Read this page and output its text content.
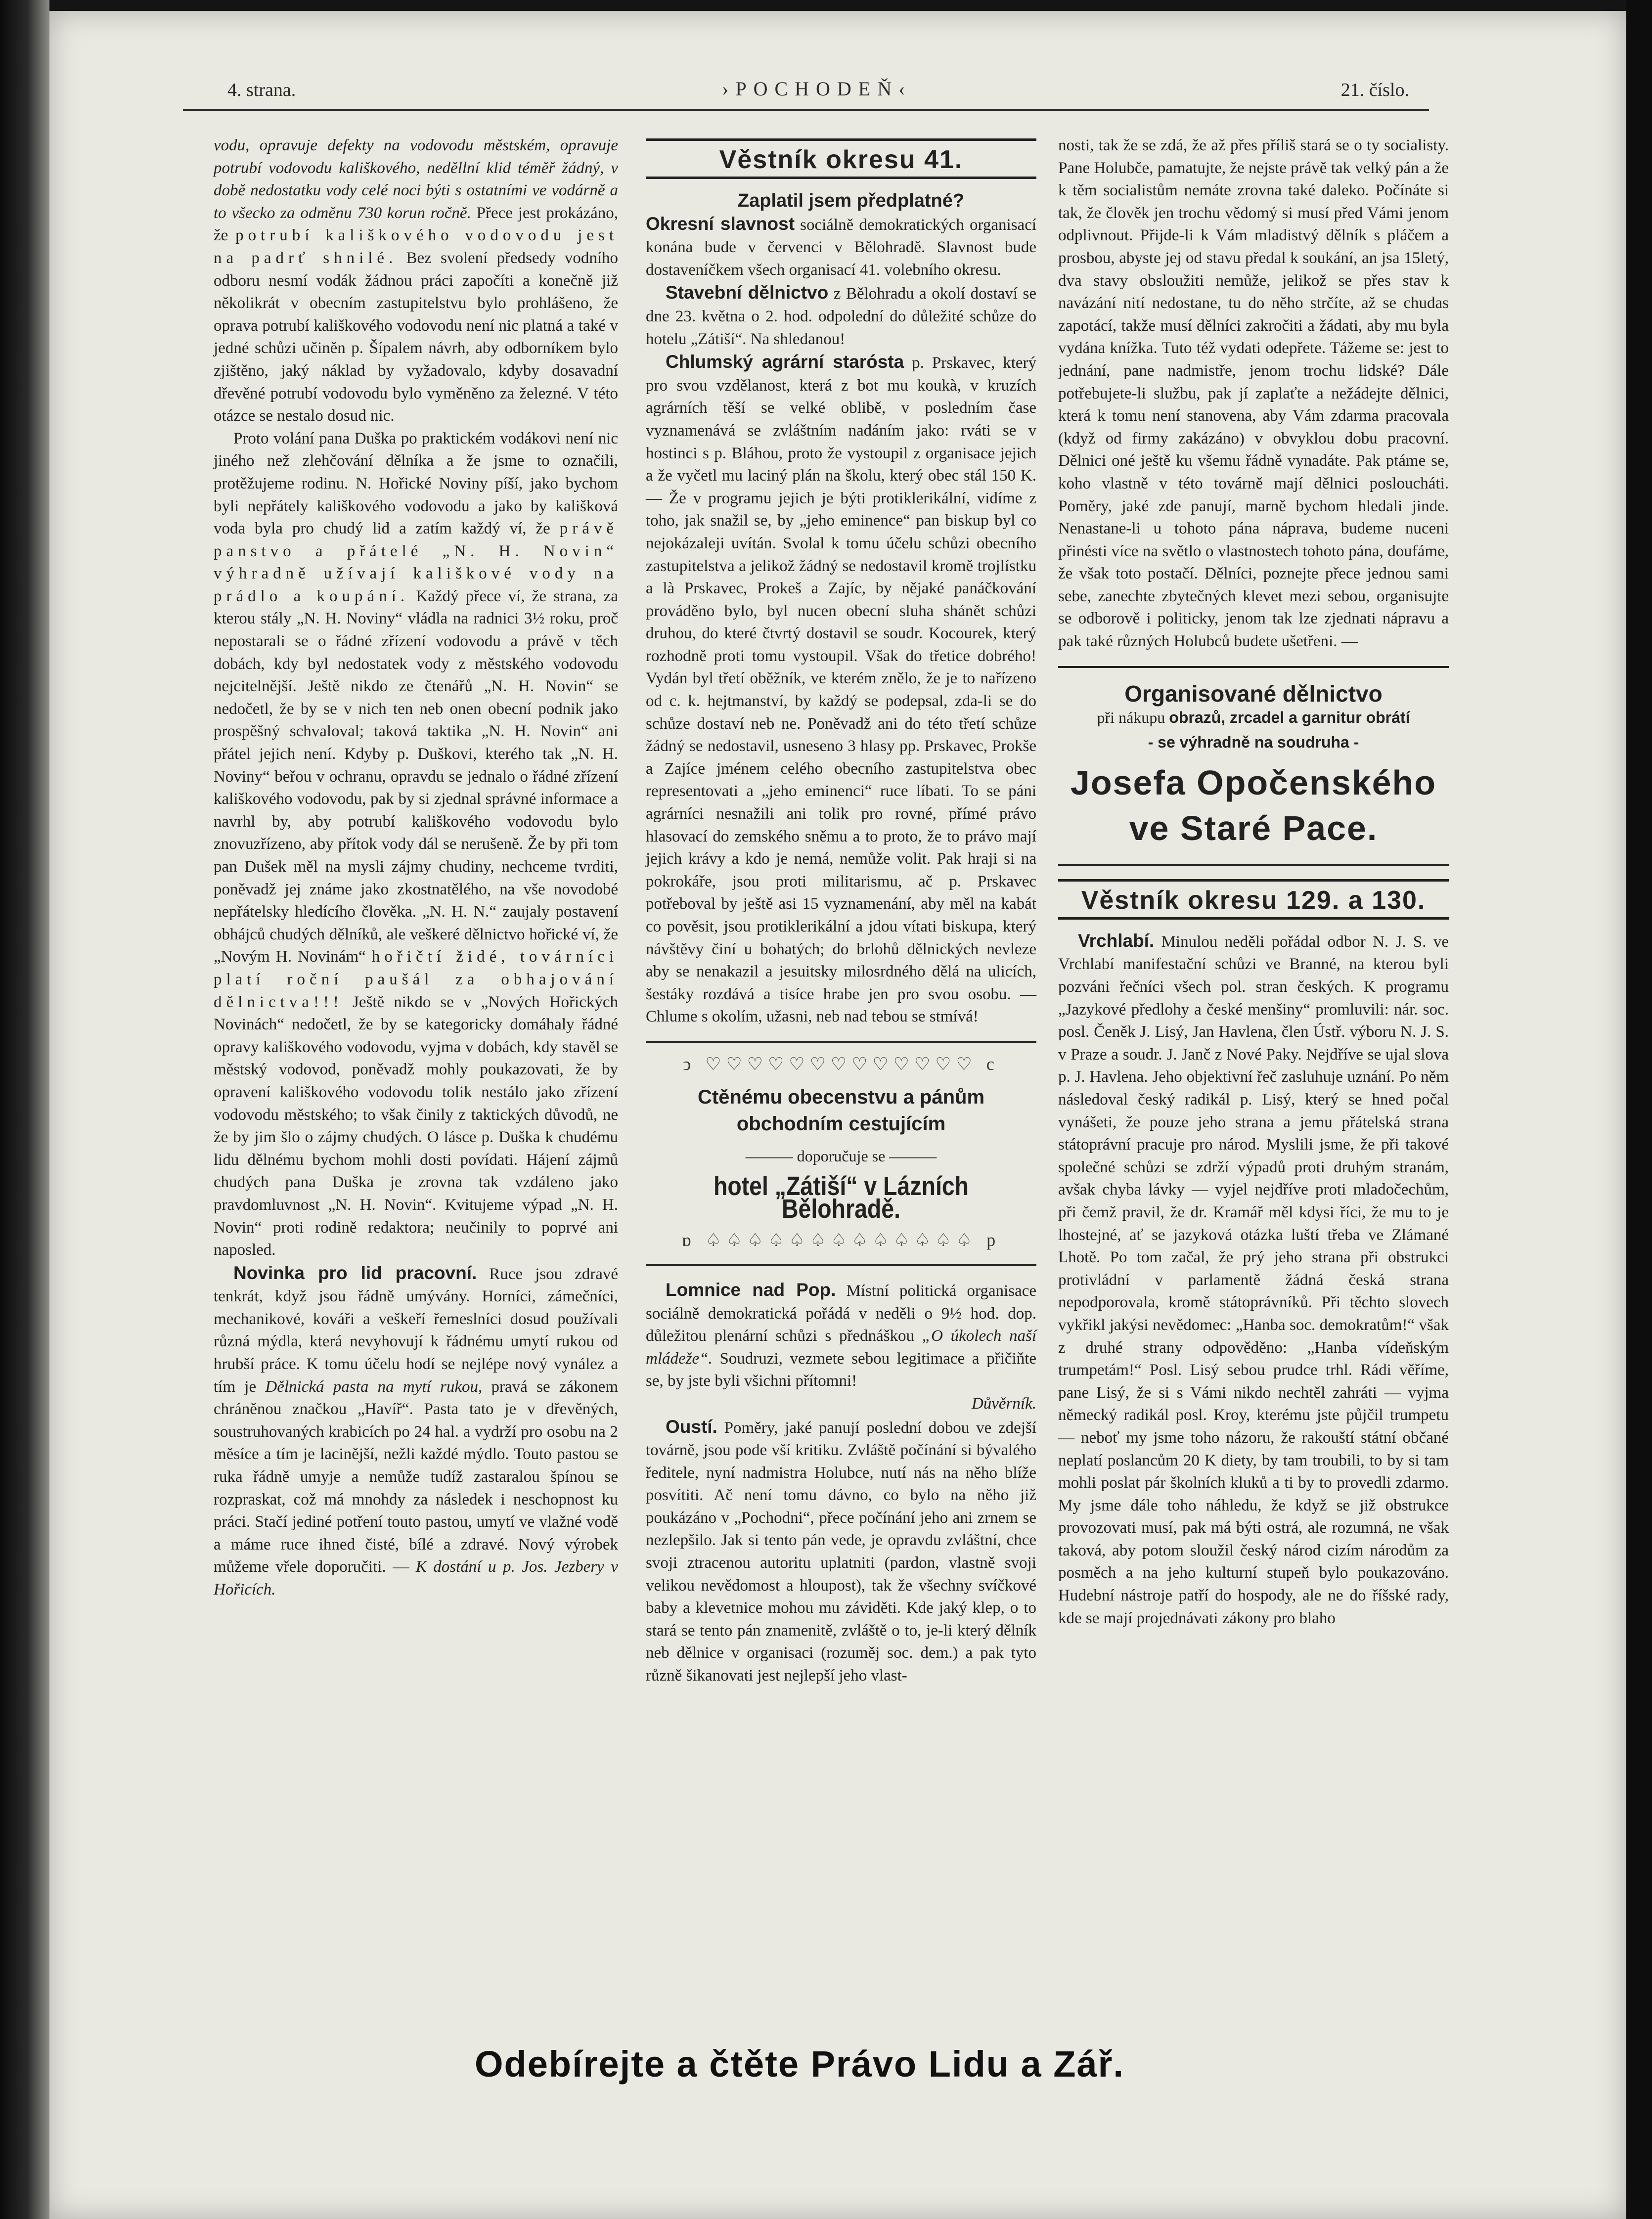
4. strana.	›POCHODEŇ‹	21. číslo.

vodu, opravuje defekty na vodovodu městském, opravuje potrubí vodovodu kališkového, neděllní klid téměř žádný, v době nedostatku vody celé noci býti s ostatními ve vodárně a to všecko za odměnu 730 korun ročně. Přece jest prokázáno, že potrubí kališkového vodovodu jest na padrť shnilé. Bez svolení předsedy vodního odboru nesmí vodák žádnou práci započíti a konečně již několikrát v obecním zastupitelstvu bylo prohlášeno, že oprava potrubí kališkového vodovodu není nic platná a také v jedné schůzi učiněn p. Šípalem návrh, aby odborníkem bylo zjištěno, jaký náklad by vyžadovalo, kdyby dosavadní dřevěné potrubí vodovodu bylo vyměněno za železné. V této otázce se nestalo dosud nic.

Proto volání pana Duška po praktickém vodákovi není nic jiného než zlehčování dělníka a že jsme to označili, protěžujeme rodinu. N. Hořické Noviny píší, jako bychom byli nepřátely kališkového vodovodu a jako by kališková voda byla pro chudý lid a zatím každý ví, že právě panstvo a přátelé „N. H. Novin“ výhradně užívají kališkové vody na prádlo a koupání. Každý přece ví, že strana, za kterou stály „N. H. Noviny“ vládla na radnici 3½ roku, proč nepostarali se o řádné zřízení vodovodu a právě v těch dobách, kdy byl nedostatek vody z městského vodovodu nejcitelnější. Ještě nikdo ze čtenářů „N. H. Novin“ se nedočetl, že by se v nich ten neb onen obecní podnik jako prospěšný schvaloval; taková taktika „N. H. Novin“ ani přátel jejich není. Kdyby p. Duškovi, kterého tak „N. H. Noviny“ beřou v ochranu, opravdu se jednalo o řádné zřízení kališkového vodovodu, pak by si zjednal správné informace a navrhl by, aby potrubí kališkového vodovodu bylo znovuzřízeno, aby přítok vody dál se nerušeně. Že by při tom pan Dušek měl na mysli zájmy chudiny, nechceme tvrditi, poněvadž jej známe jako zkostnatělého, na vše novodobé nepřátelsky hledícího člověka. „N. H. N.“ zaujaly postavení obhájců chudých dělníků, ale veškeré dělnictvo hořické ví, že „Novým H. Novinám“ hořičtí židé, továrníci platí roční paušál za obhajování dělnictva!!! Ještě nikdo se v „Nových Hořických Novinách“ nedočetl, že by se kategoricky domáhaly řádné opravy kališkového vodovodu, vyjma v dobách, kdy stavěl se městský vodovod, poněvadž mohly poukazovati, že by opravení kališkového vodovodu tolik nestálo jako zřízení vodovodu městského; to však činily z taktických důvodů, ne že by jim šlo o zájmy chudých. O lásce p. Duška k chudému lidu dělnému bychom mohli dosti povídati. Hájení zájmů chudých pana Duška je zrovna tak vzdáleno jako pravdomluvnost „N. H. Novin“. Kvitujeme výpad „N. H. Novin“ proti rodině redaktora; neučinily to poprvé ani naposled.

Novinka pro lid pracovní. Ruce jsou zdravé tenkrát, když jsou řádně umývány. Horníci, zámečníci, mechanikové, kováři a veškeří řemeslníci dosud používali různá mýdla, která nevyhovují k řádnému umytí rukou od hrubší práce. K tomu účelu hodí se nejlépe nový vynález a tím je Dělnická pasta na mytí rukou, pravá se zákonem chráněnou značkou „Havíř“. Pasta tato je v dřevěných, soustruhovaných krabicích po 24 hal. a vydrží pro osobu na 2 měsíce a tím je lacinější, nežli každé mýdlo. Touto pastou se ruka řádně umyje a nemůže tudíž zastaralou špínou se rozpraskat, což má mnohdy za následek i neschopnost ku práci. Stačí jediné potření touto pastou, umytí ve vlažné vodě a máme ruce ihned čisté, bílé a zdravé. Nový výrobek můžeme vřele doporučiti. — K dostání u p. Jos. Jezbery v Hořicích.

Věstník okresu 41.

Zaplatil jsem předplatné?

Okresní slavnost sociálně demokratických organisací konána bude v červenci v Bělohradě. Slavnost bude dostaveníčkem všech organisací 41. volebního okresu.

Stavební dělnictvo z Bělohradu a okolí dostaví se dne 23. května o 2. hod. odpolední do důležité schůze do hotelu „Zátiší“. Na shledanou!

Chlumský agrární starósta p. Prskavec, který pro svou vzdělanost, která z bot mu koukà, v kruzích agrárních těší se velké oblibě, v posledním čase vyznamenává se zvláštním nadáním jako: rváti se v hostinci s p. Bláhou, proto že vystoupil z organisace jejich a že vyčetl mu laciný plán na školu, který obec stál 150 K. — Že v programu jejich je býti protiklerikální, vidíme z toho, jak snažil se, by „jeho eminence“ pan biskup byl co nejokázaleji uvítán. Svolal k tomu účelu schůzi obecního zastupitelstva a jelikož žádný se nedostavil kromě trojlístku a là Prskavec, Prokeš a Zajíc, by nějaké panáčkování prováděno bylo, byl nucen obecní sluha shánět schůzi druhou, do které čtvrtý dostavil se soudr. Kocourek, který rozhodně proti tomu vystoupil. Však do třetice dobrého! Vydán byl třetí oběžník, ve kterém znělo, že je to nařízeno od c. k. hejtmanství, by každý se podepsal, zda-li se do schůze dostaví neb ne. Poněvadž ani do této třetí schůze žádný se nedostavil, usneseno 3 hlasy pp. Prskavec, Prokše a Zajíce jménem celého obecního zastupitelstva obec representovati a „jeho eminenci“ ruce líbati. To se páni agrárníci nesnažili ani tolik pro rovné, přímé právo hlasovací do zemského sněmu a to proto, že to právo mají jejich krávy a kdo je nemá, nemůže volit. Pak hraji si na pokrokáře, jsou proti militarismu, ač p. Prskavec potřeboval by ještě asi 15 vyznamenání, aby měl na kabát co pověsit, jsou protiklerikální a jdou vítati biskupa, který návštěvy činí u bohatých; do brlohů dělnických nevleze aby se nenakazil a jesuitsky milosrdného dělá na ulicích, šestáky rozdává a tisíce hrabe jen pro svou osobu. — Chlume s okolím, užasni, neb nad tebou se stmívá!

ↄ ♡♡♡♡♡♡♡♡♡♡♡♡♡ c
Ctěnému obecenstvu a pánům obchodním cestujícím
——— doporučuje se ———
hotel „Zátiší“ v Lázních Bělohradě.
ɒ ♤♤♤♤♤♤♤♤♤♤♤♤♤ p

Lomnice nad Pop. Místní politická organisace sociálně demokratická pořádá v neděli o 9½ hod. dop. důležitou plenární schůzi s přednáškou „O úkolech naší mládeže“. Soudruzi, vezmete sebou legitimace a přičiňte se, by jste byli všichni přítomni!

Důvěrník.

Oustí. Poměry, jaké panují poslední dobou ve zdejší továrně, jsou pode vší kritiku. Zvláště počínání si bývalého ředitele, nyní nadmistra Holubce, nutí nás na něho blíže posvítiti. Ač není tomu dávno, co bylo na něho již poukázáno v „Pochodni“, přece počínání jeho ani zrnem se nezlepšilo. Jak si tento pán vede, je opravdu zvláštní, chce svoji ztracenou autoritu uplatniti (pardon, vlastně svoji velikou nevědomost a hloupost), tak že všechny svíčkové baby a klevetnice mohou mu záviděti. Kde jaký klep, o to stará se tento pán znamenitě, zvláště o to, je-li který dělník neb dělnice v organisaci (rozuměj soc. dem.) a pak tyto různě šikanovati jest nejlepší jeho vlast-

nosti, tak že se zdá, že až přes příliš stará se o ty socialisty. Pane Holubče, pamatujte, že nejste právě tak velký pán a že k těm socialistům nemáte zrovna také daleko. Počínáte si tak, že člověk jen trochu vědomý si musí před Vámi jenom odplivnout. Přijde-li k Vám mladistvý dělník s pláčem a prosbou, abyste jej od stavu předal k soukání, an jsa 15letý, dva stavy obsloužiti nemůže, jelikož se přes stav k navázání nití nedostane, tu do něho strčíte, až se chudas zapotácí, takže musí dělníci zakročiti a žádati, aby mu byla vydána knížka. Tuto též vydati odepřete. Tážeme se: jest to jednání, pane nadmistře, jenom trochu lidské? Dále potřebujete-li službu, pak jí zaplaťte a nežádejte dělnici, která k tomu není stanovena, aby Vám zdarma pracovala (když od firmy zakázáno) v obvyklou dobu pracovní. Dělnici oné ještě ku všemu řádně vynadáte. Pak ptáme se, koho vlastně v této továrně mají dělnici posloucháti. Poměry, jaké zde panují, marně bychom hledali jinde. Nenastane-li u tohoto pána náprava, budeme nuceni přinésti více na světlo o vlastnostech tohoto pána, doufáme, že však toto postačí. Dělníci, poznejte přece jednou sami sebe, zanechte zbytečných klevet mezi sebou, organisujte se odborově i politicky, jenom tak lze zjednati nápravu a pak také různých Holubců budete ušetřeni. —

Organisované dělnictvo
při nákupu obrazů, zrcadel a garnitur obrátí
- se výhradně na soudruha -
Josefa Opočenského
ve Staré Pace.
Věstník okresu 129. a 130.

Vrchlabí. Minulou neděli pořádal odbor N. J. S. ve Vrchlabí manifestační schůzi ve Branné, na kterou byli pozváni řečníci všech pol. stran českých. K programu „Jazykové předlohy a české menšiny“ promluvili: nár. soc. posl. Čeněk J. Lisý, Jan Havlena, člen Ústř. výboru N. J. S. v Praze a soudr. J. Janč z Nové Paky. Nejdříve se ujal slova p. J. Havlena. Jeho objektivní řeč zasluhuje uznání. Po něm následoval český radikál p. Lisý, který se hned počal vynášeti, že pouze jeho strana a jemu přátelská strana státoprávní pracuje pro národ. Myslili jsme, že při takové společné schůzi se zdrží výpadů proti druhým stranám, avšak chyba lávky — vyjel nejdříve proti mladočechům, při čemž pravil, že dr. Kramář měl kdysi říci, že mu to je lhostejné, ať se jazyková otázka luští třeba ve Zlámané Lhotě. Po tom začal, že prý jeho strana při obstrukci protivládní v parlamentě žádná česká strana nepodporovala, kromě státoprávníků. Při těchto slovech vykřikl jakýsi nevědomec: „Hanba soc. demokratům!“ však z druhé strany odpověděno: „Hanba vídeňským trumpetám!“ Posl. Lisý sebou prudce trhl. Rádi věříme, pane Lisý, že si s Vámi nikdo nechtěl zahráti — vyjma německý radikál posl. Kroy, kterému jste půjčil trumpetu — neboť my jsme toho názoru, že rakouští státní občané neplatí poslancům 20 K diety, by tam troubili, to by si tam mohli poslat pár školních kluků a ti by to provedli zdarmo. My jsme dále toho náhledu, že když se již obstrukce provozovati musí, pak má býti ostrá, ale rozumná, ne však taková, aby potom sloužil český národ cizím národům za posměch a na jeho kulturní stupeň bylo poukazováno. Hudební nástroje patří do hospody, ale ne do říšské rady, kde se mají projednávati zákony pro blaho

Odebírejte a čtěte Právo Lidu a Zář.
